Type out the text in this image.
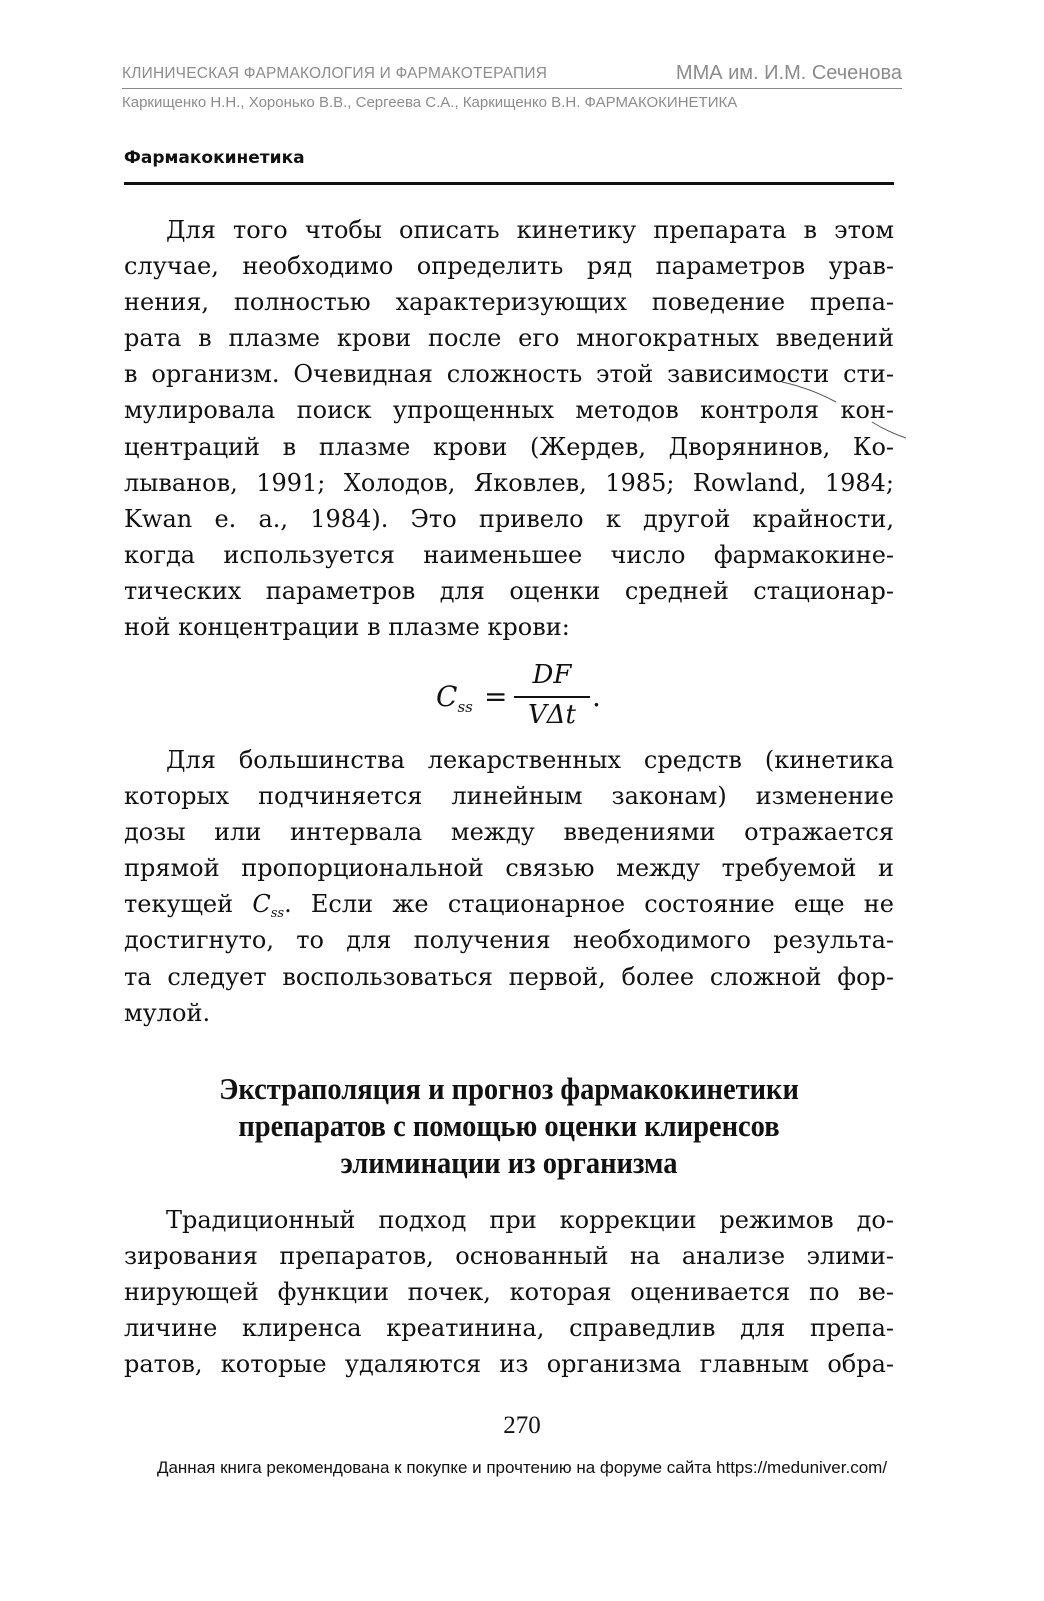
КЛИНИЧЕСКАЯ ФАРМАКОЛОГИЯ И ФАРМАКОТЕРАПИЯ	ММА им. И.М. Сеченова
Каркищенко Н.Н., Хоронько В.В., Сергеева С.А., Каркищенко В.Н. ФАРМАКОКИНЕТИКА
Фармакокинетика
Для того чтобы описать кинетику препарата в этом
случае, необходимо определить ряд параметров урав-
нения, полностью характеризующих поведение препа-
рата в плазме крови после его многократных введений
в организм. Очевидная сложность этой зависимости сти-
мулировала поиск упрощенных методов контроля кон-
центраций в плазме крови (Жердев, Дворянинов, Ко-
лыванов, 1991; Холодов, Яковлев, 1985; Rowland, 1984;
Kwan e. a., 1984). Это привело к другой крайности,
когда используется наименьшее число фармакокине-
тических параметров для оценки средней стационар-
ной концентрации в плазме крови:
$C_{ss}$ =
DF
VΔt
.
Для большинства лекарственных средств (кинетика
которых подчиняется линейным законам) изменение
дозы или интервала между введениями отражается
прямой пропорциональной связью между требуемой и
текущей $C_{ss}$. Если же стационарное состояние еще не
достигнуто, то для получения необходимого результа-
та следует воспользоваться первой, более сложной фор-
мулой.
Экстраполяция и прогноз фармакокинетики
препаратов с помощью оценки клиренсов
элиминации из организма
Традиционный подход при коррекции режимов до-
зирования препаратов, основанный на анализе элими-
нирующей функции почек, которая оценивается по ве-
личине клиренса креатинина, справедлив для препа-
ратов, которые удаляются из организма главным обра-
270
Данная книга рекомендована к покупке и прочтению на форуме сайта https://meduniver.com/
